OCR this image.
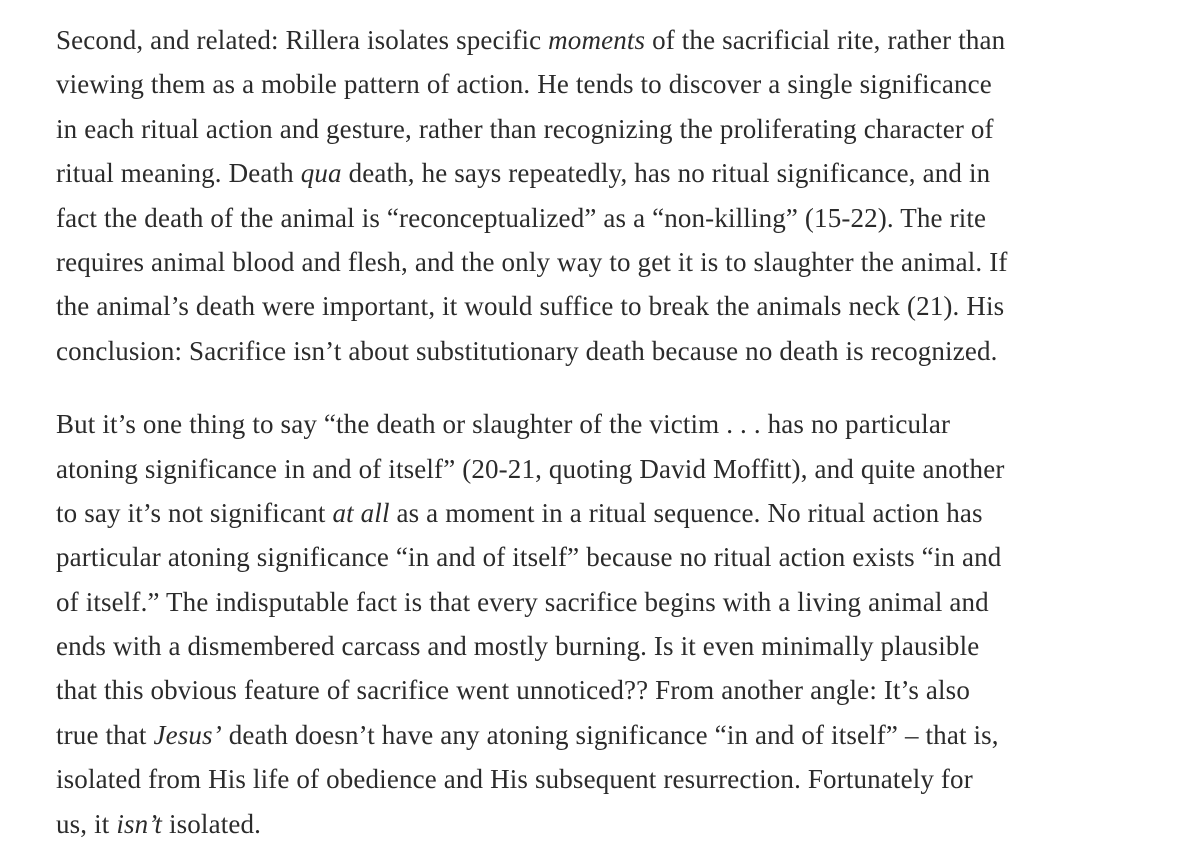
Second, and related: Rillera isolates specific moments of the sacrificial rite, rather than
viewing them as a mobile pattern of action. He tends to discover a single significance
in each ritual action and gesture, rather than recognizing the proliferating character of
ritual meaning. Death qua death, he says repeatedly, has no ritual significance, and in
fact the death of the animal is “reconceptualized” as a “non-killing” (15-22). The rite
requires animal blood and flesh, and the only way to get it is to slaughter the animal. If
the animal’s death were important, it would suffice to break the animals neck (21). His
conclusion: Sacrifice isn’t about substitutionary death because no death is recognized.

But it’s one thing to say “the death or slaughter of the victim . . . has no particular
atoning significance in and of itself” (20-21, quoting David Moffitt), and quite another
to say it’s not significant at all as a moment in a ritual sequence. No ritual action has
particular atoning significance “in and of itself” because no ritual action exists “in and
of itself.” The indisputable fact is that every sacrifice begins with a living animal and
ends with a dismembered carcass and mostly burning. Is it even minimally plausible
that this obvious feature of sacrifice went unnoticed?? From another angle: It’s also
true that Jesus’ death doesn’t have any atoning significance “in and of itself” – that is,
isolated from His life of obedience and His subsequent resurrection. Fortunately for
us, it isn’t isolated.
